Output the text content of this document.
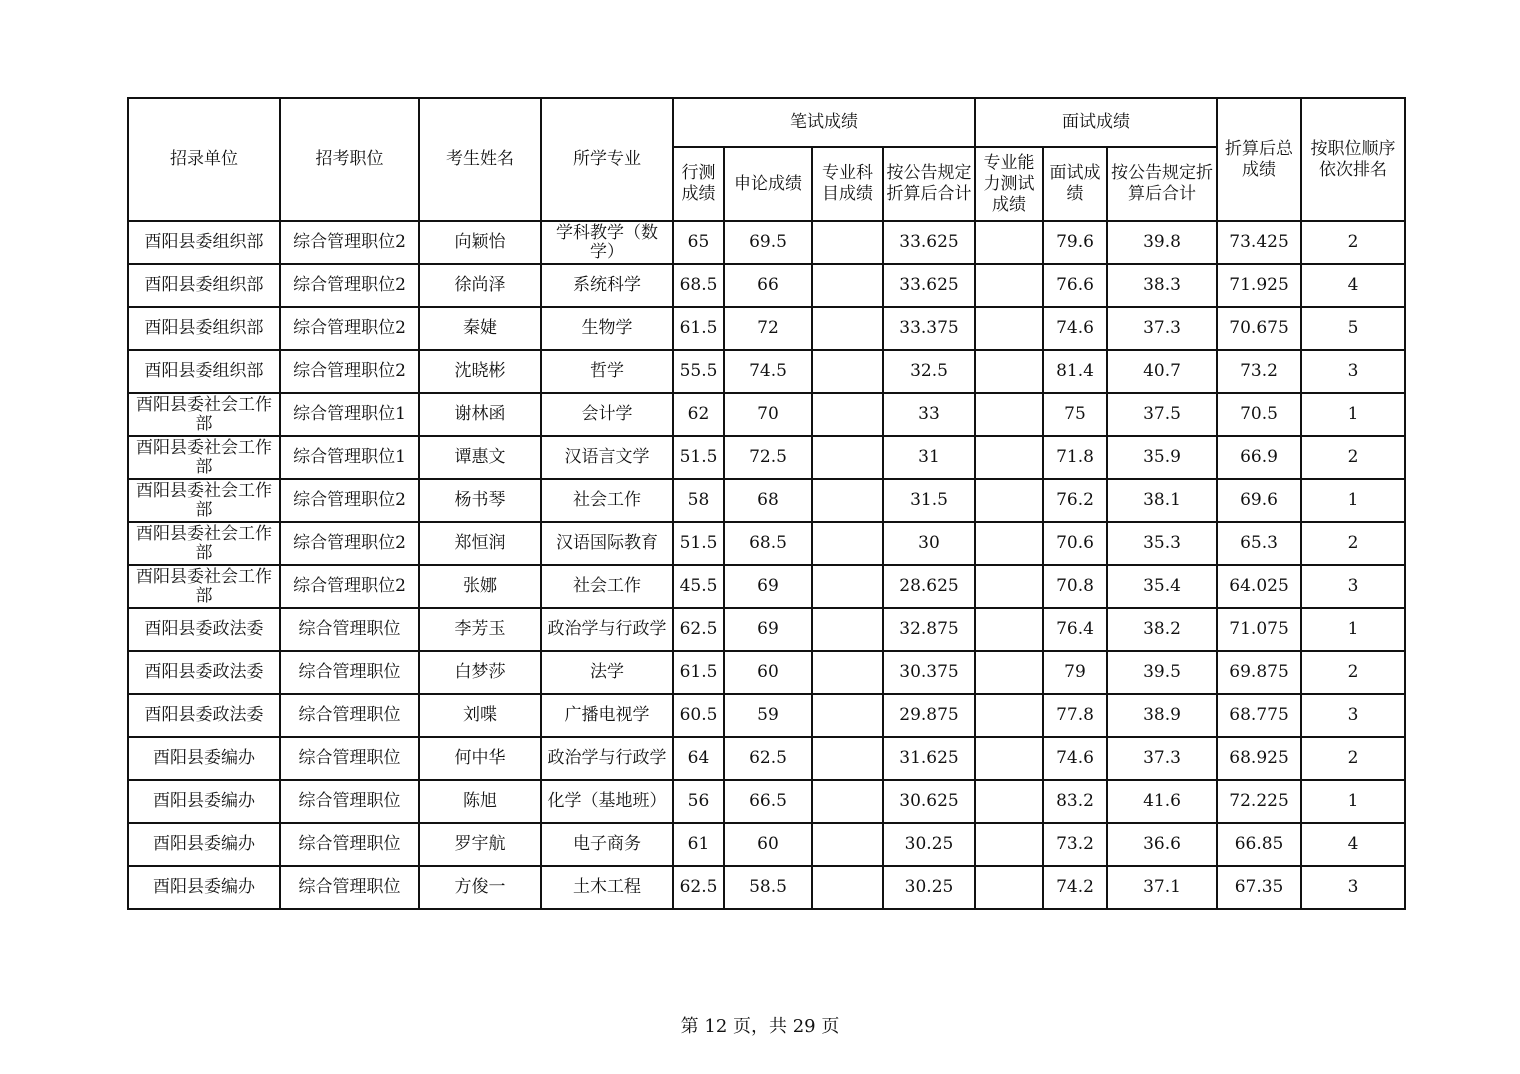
招录单位	招考职位	考生姓名	所学专业	笔试成绩				面试成绩			折算后总成绩	按职位顺序依次排名
				行测成绩	申论成绩	专业科目成绩	按公告规定折算后合计	专业能力测试成绩	面试成绩	按公告规定折算后合计		
酉阳县委组织部	综合管理职位2	向颖怡	学科教学（数学）	65	69.5		33.625		79.6	39.8	73.425	2
酉阳县委组织部	综合管理职位2	徐尚泽	系统科学	68.5	66		33.625		76.6	38.3	71.925	4
酉阳县委组织部	综合管理职位2	秦婕	生物学	61.5	72		33.375		74.6	37.3	70.675	5
酉阳县委组织部	综合管理职位2	沈晓彬	哲学	55.5	74.5		32.5		81.4	40.7	73.2	3
酉阳县委社会工作部	综合管理职位1	谢林函	会计学	62	70		33		75	37.5	70.5	1
酉阳县委社会工作部	综合管理职位1	谭惠文	汉语言文学	51.5	72.5		31		71.8	35.9	66.9	2
酉阳县委社会工作部	综合管理职位2	杨书琴	社会工作	58	68		31.5		76.2	38.1	69.6	1
酉阳县委社会工作部	综合管理职位2	郑恒润	汉语国际教育	51.5	68.5		30		70.6	35.3	65.3	2
酉阳县委社会工作部	综合管理职位2	张娜	社会工作	45.5	69		28.625		70.8	35.4	64.025	3
酉阳县委政法委	综合管理职位	李芳玉	政治学与行政学	62.5	69		32.875		76.4	38.2	71.075	1
酉阳县委政法委	综合管理职位	白梦莎	法学	61.5	60		30.375		79	39.5	69.875	2
酉阳县委政法委	综合管理职位	刘喋	广播电视学	60.5	59		29.875		77.8	38.9	68.775	3
酉阳县委编办	综合管理职位	何中华	政治学与行政学	64	62.5		31.625		74.6	37.3	68.925	2
酉阳县委编办	综合管理职位	陈旭	化学（基地班）	56	66.5		30.625		83.2	41.6	72.225	1
酉阳县委编办	综合管理职位	罗宇航	电子商务	61	60		30.25		73.2	36.6	66.85	4
酉阳县委编办	综合管理职位	方俊一	土木工程	62.5	58.5		30.25		74.2	37.1	67.35	3
第 12 页，共 29 页
